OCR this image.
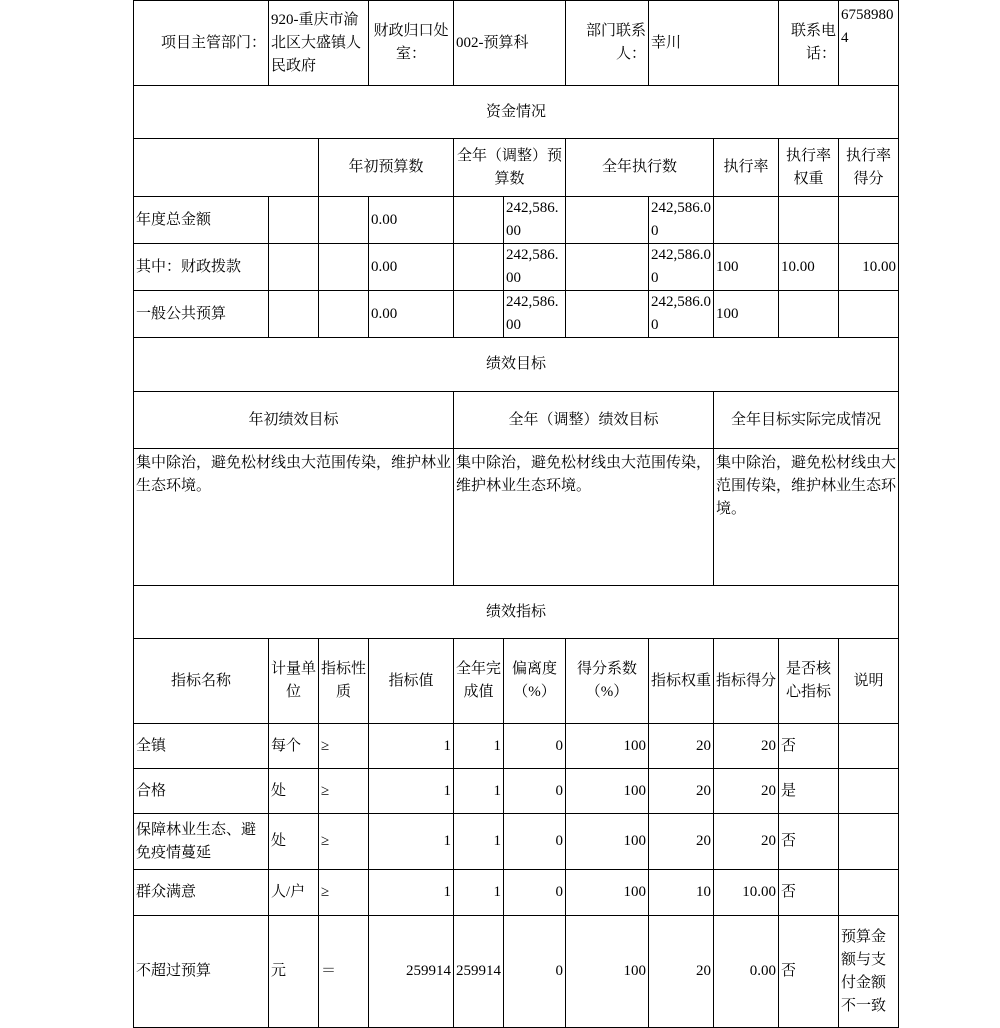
项目主管部门：	920-重庆市渝北区大盛镇人民政府		财政归口处室：	002-预算科		部门联系人：	幸川		联系电话：	67589804
资金情况										
		年初预算数		全年（调整）预算数		全年执行数		执行率	执行率权重	执行率得分
年度总金额			0.00		242,586.00		242,586.00			
其中：财政拨款			0.00		242,586.00		242,586.00	100	10.00	10.00
一般公共预算			0.00		242,586.00		242,586.00	100		
绩效目标										
年初绩效目标				全年（调整）绩效目标				全年目标实际完成情况		
集中除治，避免松材线虫大范围传染，维护林业生态环境。				集中除治，避免松材线虫大范围传染，维护林业生态环境。				集中除治，避免松材线虫大范围传染，维护林业生态环境。		
绩效指标										
指标名称	计量单位	指标性质	指标值	全年完成值	偏离度（%）	得分系数（%）	指标权重	指标得分	是否核心指标	说明
全镇	每个	≥	1	1	0	100	20	20	否	
合格	处	≥	1	1	0	100	20	20	是	
保障林业生态、避免疫情蔓延	处	≥	1	1	0	100	20	20	否	
群众满意	人/户	≥	1	1	0	100	10	10.00	否	
不超过预算	元	＝	259914	259914	0	100	20	0.00	否	预算金额与支付金额不一致
